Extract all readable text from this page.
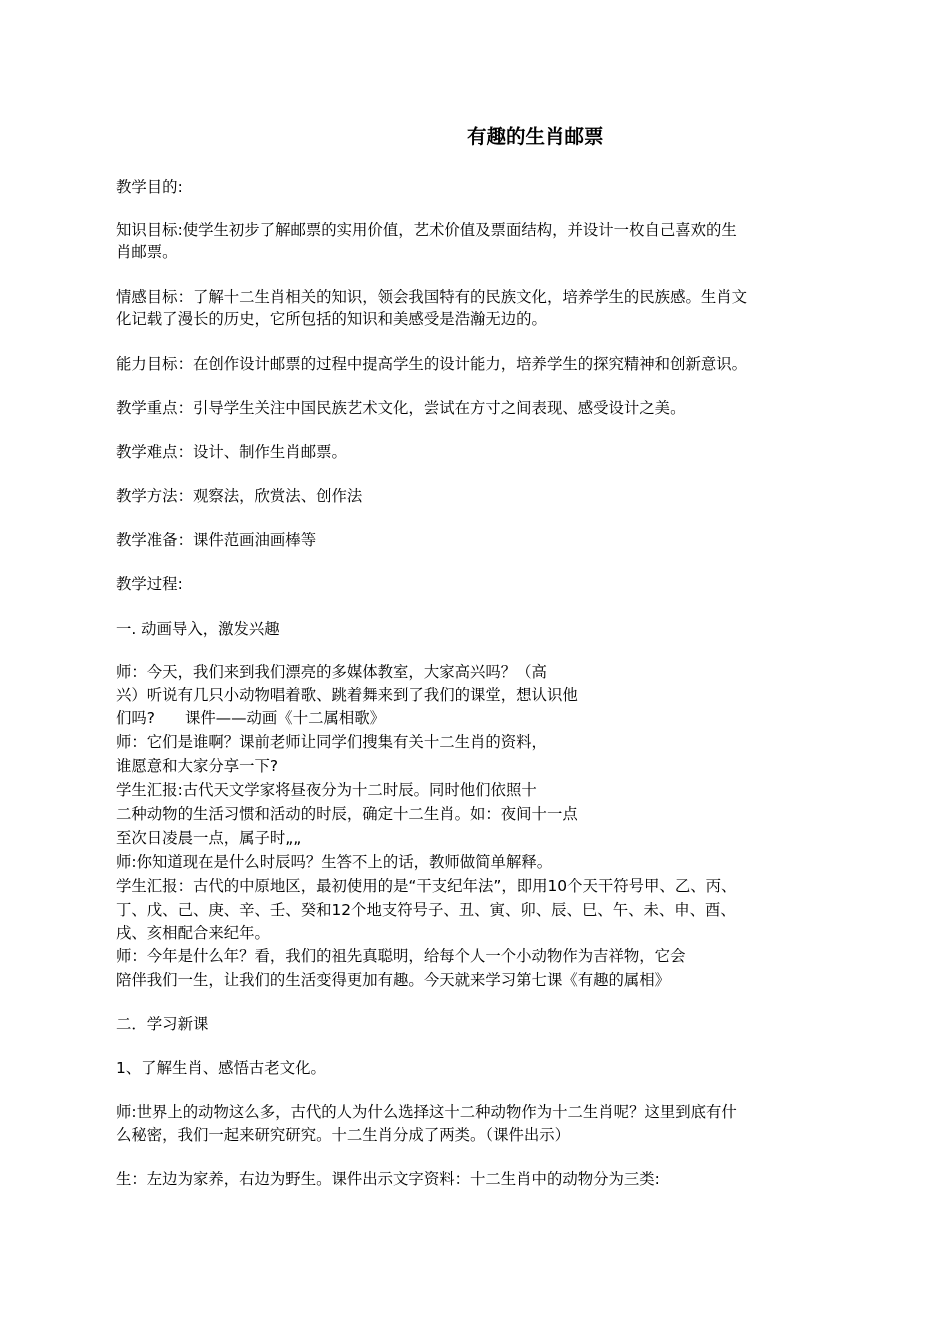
有趣的生肖邮票
教学目的:
知识目标:使学生初步了解邮票的实用价值，艺术价值及票面结构，并设计一枚自己喜欢的生
肖邮票。
情感目标：了解十二生肖相关的知识，领会我国特有的民族文化，培养学生的民族感。生肖文
化记载了漫长的历史，它所包括的知识和美感受是浩瀚无边的。
能力目标：在创作设计邮票的过程中提高学生的设计能力，培养学生的探究精神和创新意识。
教学重点：引导学生关注中国民族艺术文化，尝试在方寸之间表现、感受设计之美。
教学难点：设计、制作生肖邮票。
教学方法：观察法，欣赏法、创作法
教学准备：课件范画油画棒等
教学过程:
一. 动画导入，激发兴趣
师：今天，我们来到我们漂亮的多媒体教室，大家高兴吗？（高
兴）听说有几只小动物唱着歌、跳着舞来到了我们的课堂，想认识他
们吗? 课件——动画《十二属相歌》
师：它们是谁啊？课前老师让同学们搜集有关十二生肖的资料，
谁愿意和大家分享一下?
学生汇报:古代天文学家将昼夜分为十二时辰。同时他们依照十
二种动物的生活习惯和活动的时辰，确定十二生肖。如：夜间十一点
至次日凌晨一点，属子时„„
师:你知道现在是什么时辰吗？生答不上的话，教师做简单解释。
学生汇报：古代的中原地区，最初使用的是“干支纪年法”，即用10个天干符号甲、乙、丙、
丁、戊、己、庚、辛、壬、癸和12个地支符号子、丑、寅、卯、辰、巳、午、未、申、酉、
戌、亥相配合来纪年。
师：今年是什么年？看，我们的祖先真聪明，给每个人一个小动物作为吉祥物，它会
陪伴我们一生，让我们的生活变得更加有趣。今天就来学习第七课《有趣的属相》
二．学习新课
1、了解生肖、感悟古老文化。
师:世界上的动物这么多，古代的人为什么选择这十二种动物作为十二生肖呢？这里到底有什
么秘密，我们一起来研究研究。十二生肖分成了两类。（课件出示）
生：左边为家养，右边为野生。课件出示文字资料：十二生肖中的动物分为三类:
